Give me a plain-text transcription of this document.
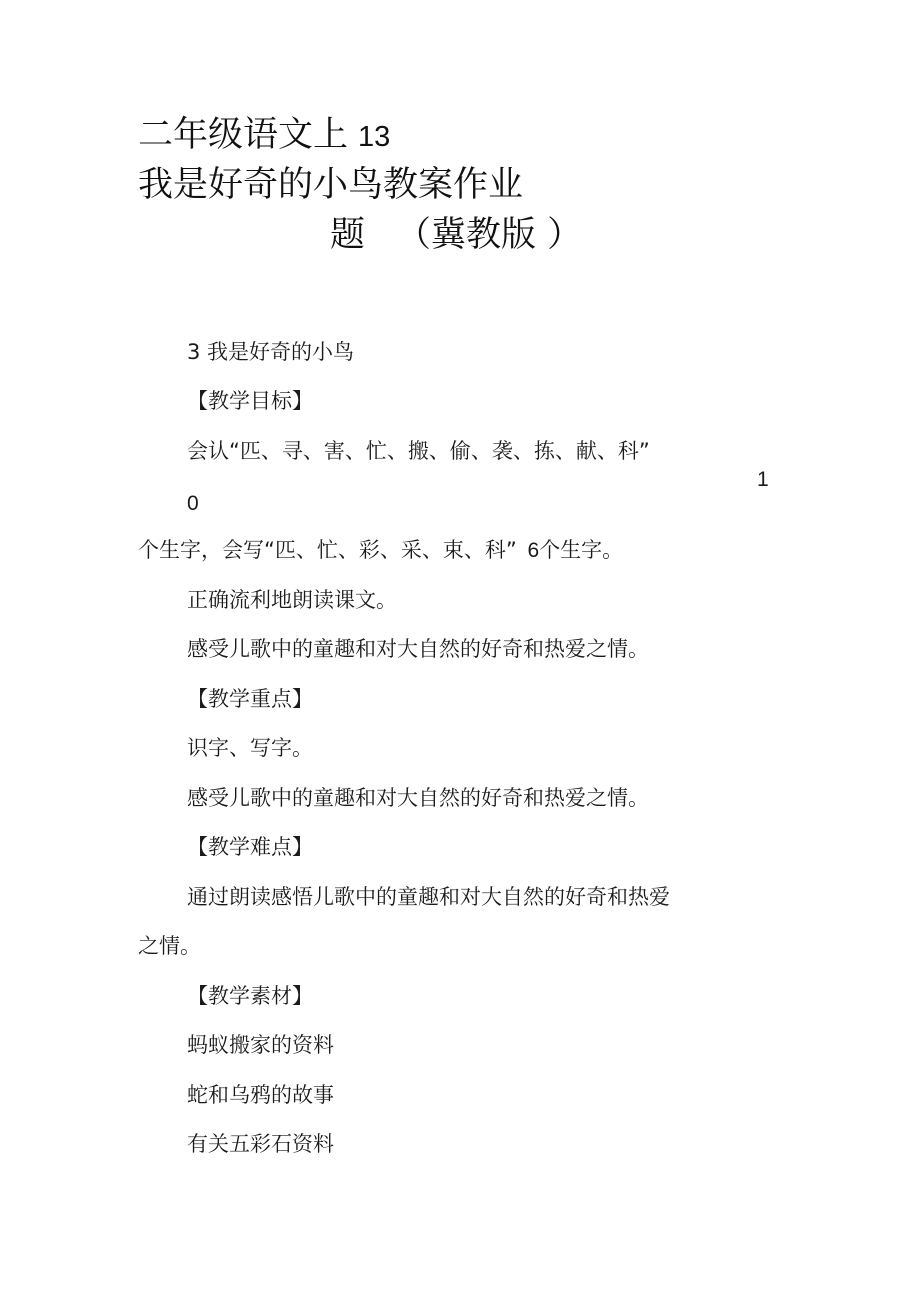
二年级语文上 13
我是好奇的小鸟教案作业
题 （冀教版 ）
3 我是好奇的小鸟
【教学目标】
会认“匹、寻、害、忙、搬、偷、袭、拣、献、科”
1
0
个生字，会写“匹、忙、彩、采、束、科” 6个生字。
正确流利地朗读课文。
感受儿歌中的童趣和对大自然的好奇和热爱之情。
【教学重点】
识字、写字。
感受儿歌中的童趣和对大自然的好奇和热爱之情。
【教学难点】
通过朗读感悟儿歌中的童趣和对大自然的好奇和热爱
之情。
【教学素材】
蚂蚁搬家的资料
蛇和乌鸦的故事
有关五彩石资料
